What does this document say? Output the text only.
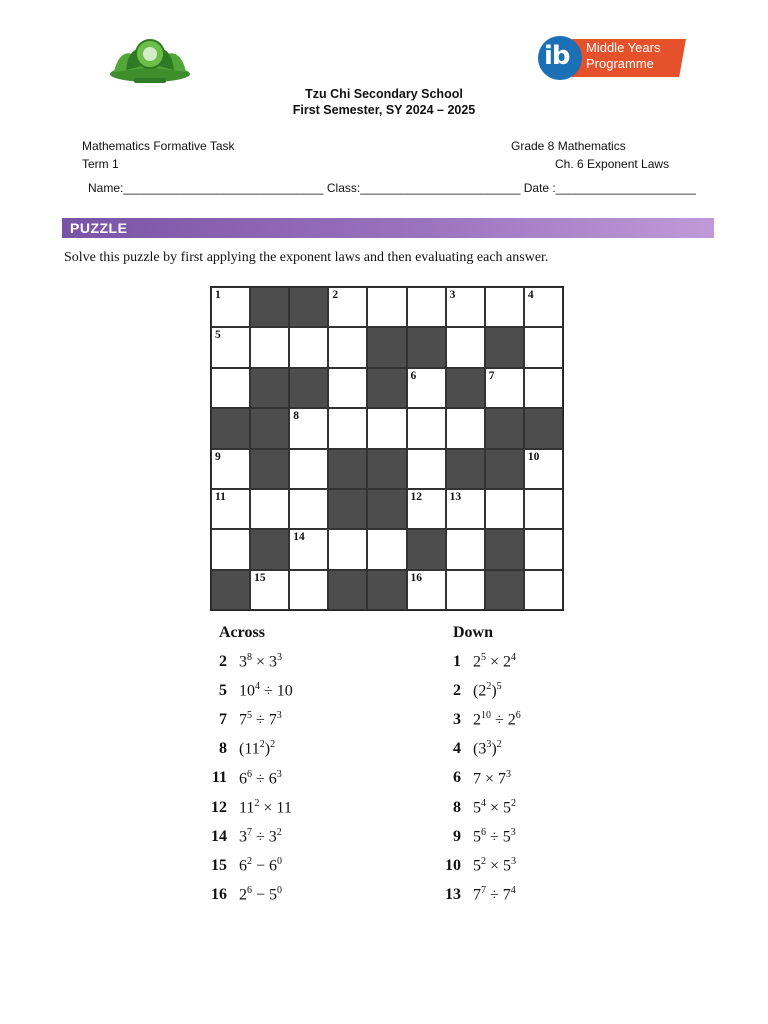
ib Middle Years
Programme
Tzu Chi Secondary School
First Semester, SY 2024 – 2025
Mathematics Formative Task
Term 1
Grade 8 Mathematics
Ch. 6 Exponent Laws
Name:______________________________ Class:________________________ Date :_____________________
PUZZLE
Solve this puzzle by first applying the exponent laws and then evaluating each answer.
1	2	3	4
5
6	7
8
9	10
11	12 13
14
15	16
Across	Down
2 $3^8 \times 3^3$
5 $10^4 \div 10$
7 $7^5 \div 7^3$
8 $(11^2)^2$
11 $6^6 \div 6^3$
12 $11^2 \times 11$
14 $3^7 \div 3^2$
15 $6^2 - 6^0$
16 $2^6 - 5^0$
1 $2^5 \times 2^4$
2 $(2^2)^5$
3 $2^{10} \div 2^6$
4 $(3^3)^2$
6 $7 \times 7^3$
8 $5^4 \times 5^2$
9 $5^6 \div 5^3$
10 $5^2 \times 5^3$
13 $7^7 \div 7^4$
